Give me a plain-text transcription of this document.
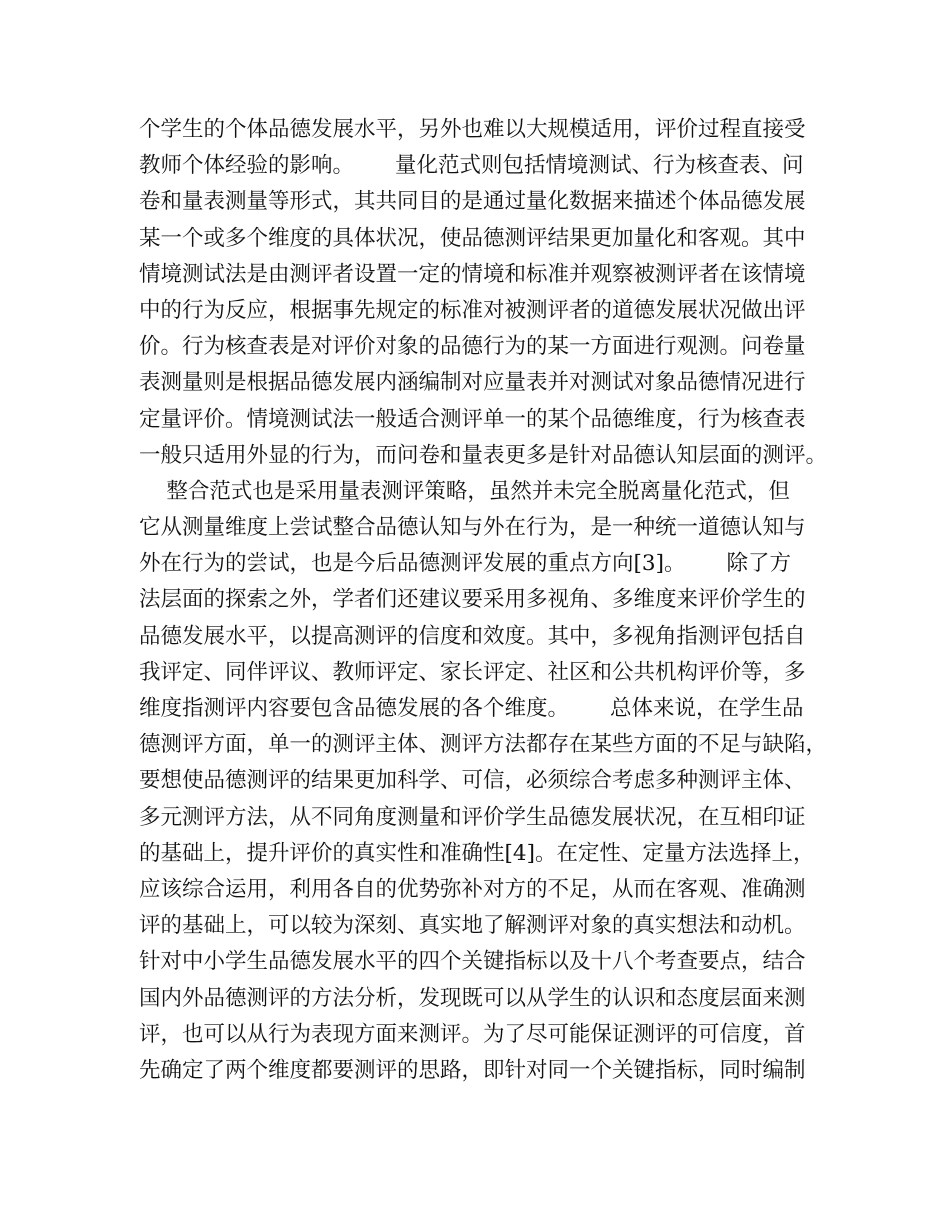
个学生的个体品德发展水平，另外也难以大规模适用，评价过程直接受
教师个体经验的影响。      量化范式则包括情境测试、行为核查表、问
卷和量表测量等形式，其共同目的是通过量化数据来描述个体品德发展
某一个或多个维度的具体状况，使品德测评结果更加量化和客观。其中
情境测试法是由测评者设置一定的情境和标准并观察被测评者在该情境
中的行为反应，根据事先规定的标准对被测评者的道德发展状况做出评
价。行为核查表是对评价对象的品德行为的某一方面进行观测。问卷量
表测量则是根据品德发展内涵编制对应量表并对测试对象品德情况进行
定量评价。情境测试法一般适合测评单一的某个品德维度，行为核查表
一般只适用外显的行为，而问卷和量表更多是针对品德认知层面的测评。
整合范式也是采用量表测评策略，虽然并未完全脱离量化范式，但
它从测量维度上尝试整合品德认知与外在行为，是一种统一道德认知与
外在行为的尝试，也是今后品德测评发展的重点方向[3]。      除了方
法层面的探索之外，学者们还建议要采用多视角、多维度来评价学生的
品德发展水平，以提高测评的信度和效度。其中，多视角指测评包括自
我评定、同伴评议、教师评定、家长评定、社区和公共机构评价等，多
维度指测评内容要包含品德发展的各个维度。      总体来说，在学生品
德测评方面，单一的测评主体、测评方法都存在某些方面的不足与缺陷，
要想使品德测评的结果更加科学、可信，必须综合考虑多种测评主体、
多元测评方法，从不同角度测量和评价学生品德发展状况，在互相印证
的基础上，提升评价的真实性和准确性[4]。在定性、定量方法选择上，
应该综合运用，利用各自的优势弥补对方的不足，从而在客观、准确测
评的基础上，可以较为深刻、真实地了解测评对象的真实想法和动机。
针对中小学生品德发展水平的四个关键指标以及十八个考查要点，结合
国内外品德测评的方法分析，发现既可以从学生的认识和态度层面来测
评，也可以从行为表现方面来测评。为了尽可能保证测评的可信度，首
先确定了两个维度都要测评的思路，即针对同一个关键指标，同时编制
